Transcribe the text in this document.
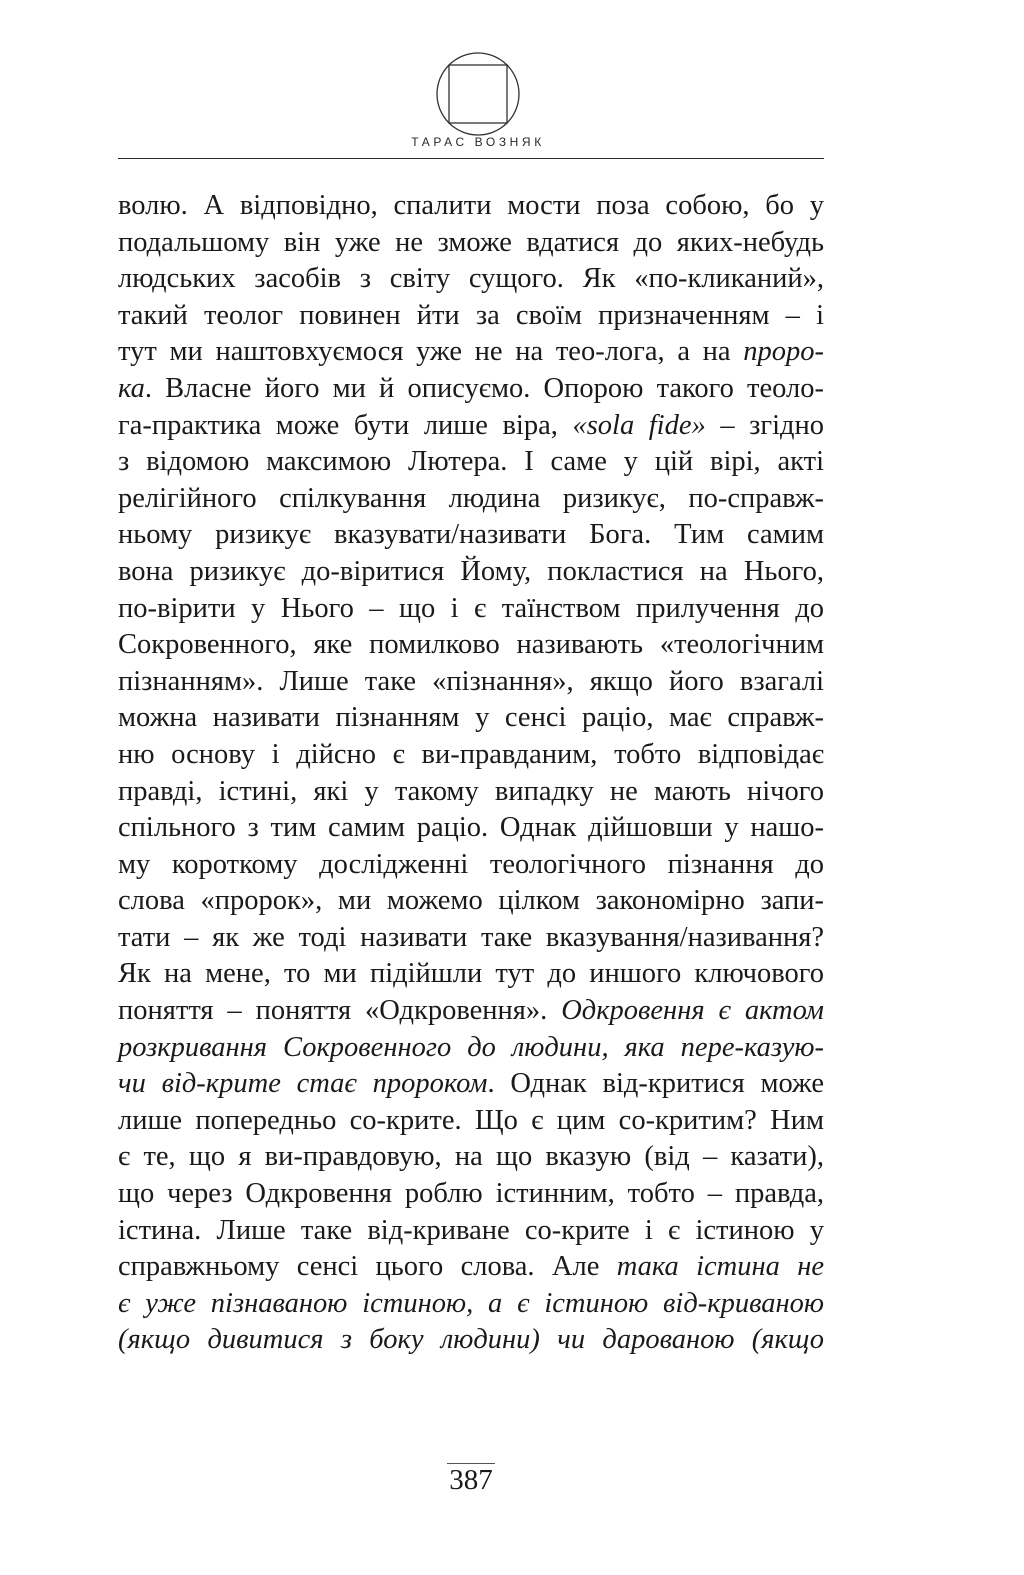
ТАРАС ВОЗНЯК
волю. А відповідно, спалити мости поза собою, бо у
подальшому він уже не зможе вдатися до яких-небудь
людських засобів з світу сущого. Як «по-кликаний»,
такий теолог повинен йти за своїм призначенням – і
тут ми наштовхуємося уже не на тео-лога, а на проро-
ка. Власне його ми й описуємо. Опорою такого теоло-
га-практика може бути лише віра, «sola fide» – згідно
з відомою максимою Лютера. І саме у цій вірі, акті
релігійного спілкування людина ризикує, по-справж-
ньому ризикує вказувати/називати Бога. Тим самим
вона ризикує до-віритися Йому, покластися на Нього,
по-вірити у Нього – що і є таїнством прилучення до
Сокровенного, яке помилково називають «теологічним
пізнанням». Лише таке «пізнання», якщо його взагалі
можна називати пізнанням у сенсі раціо, має справж-
ню основу і дійсно є ви-правданим, тобто відповідає
правді, істині, які у такому випадку не мають нічого
спільного з тим самим раціо. Однак дійшовши у нашо-
му короткому дослідженні теологічного пізнання до
слова «пророк», ми можемо цілком закономірно запи-
тати – як же тоді називати таке вказування/називання?
Як на мене, то ми підійшли тут до иншого ключового
поняття – поняття «Одкровення». Одкровення є актом
розкривання Сокровенного до людини, яка пере-казую-
чи від-крите стає пророком. Однак від-критися може
лише попередньо со-крите. Що є цим со-критим? Ним
є те, що я ви-правдовую, на що вказую (від – казати),
що через Одкровення роблю істинним, тобто – правда,
істина. Лише таке від-криване со-крите і є істиною у
справжньому сенсі цього слова. Але така істина не
є уже пізнаваною істиною, а є істиною від-криваною
(якщо дивитися з боку людини) чи дарованою (якщо
387
